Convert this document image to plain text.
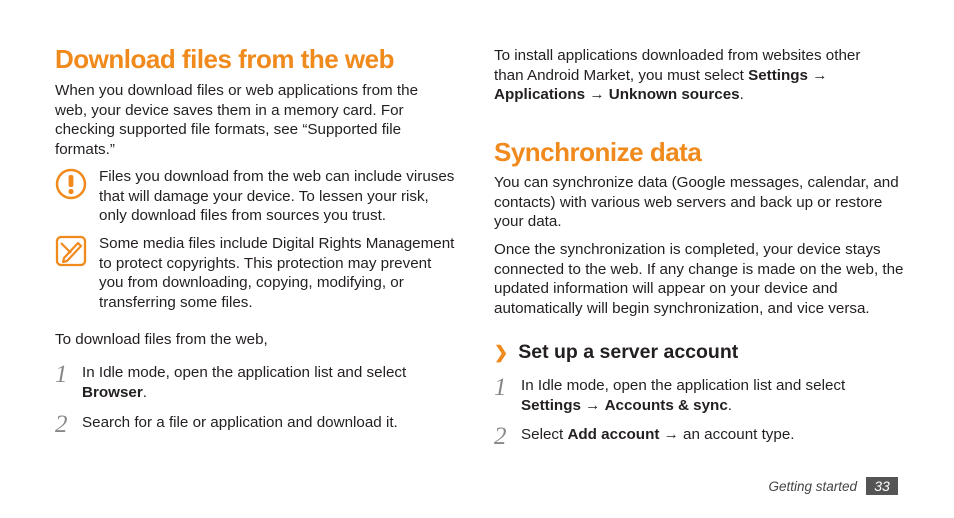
Download files from the web

When you download files or web applications from the web, your device saves them in a memory card. For checking supported file formats, see “Supported file formats.”

Files you download from the web can include viruses that will damage your device. To lessen your risk, only download files from sources you trust.

Some media files include Digital Rights Management to protect copyrights. This protection may prevent you from downloading, copying, modifying, or transferring some files.

To download files from the web,

1 In Idle mode, open the application list and select Browser.

2 Search for a file or application and download it.

To install applications downloaded from websites other than Android Market, you must select Settings → Applications → Unknown sources.

Synchronize data

You can synchronize data (Google messages, calendar, and contacts) with various web servers and back up or restore your data.

Once the synchronization is completed, your device stays connected to the web. If any change is made on the web, the updated information will appear on your device and automatically will begin synchronization, and vice versa.

❯ Set up a server account
1 In Idle mode, open the application list and select Settings → Accounts & sync.

2 Select Add account → an account type.

Getting started	33
